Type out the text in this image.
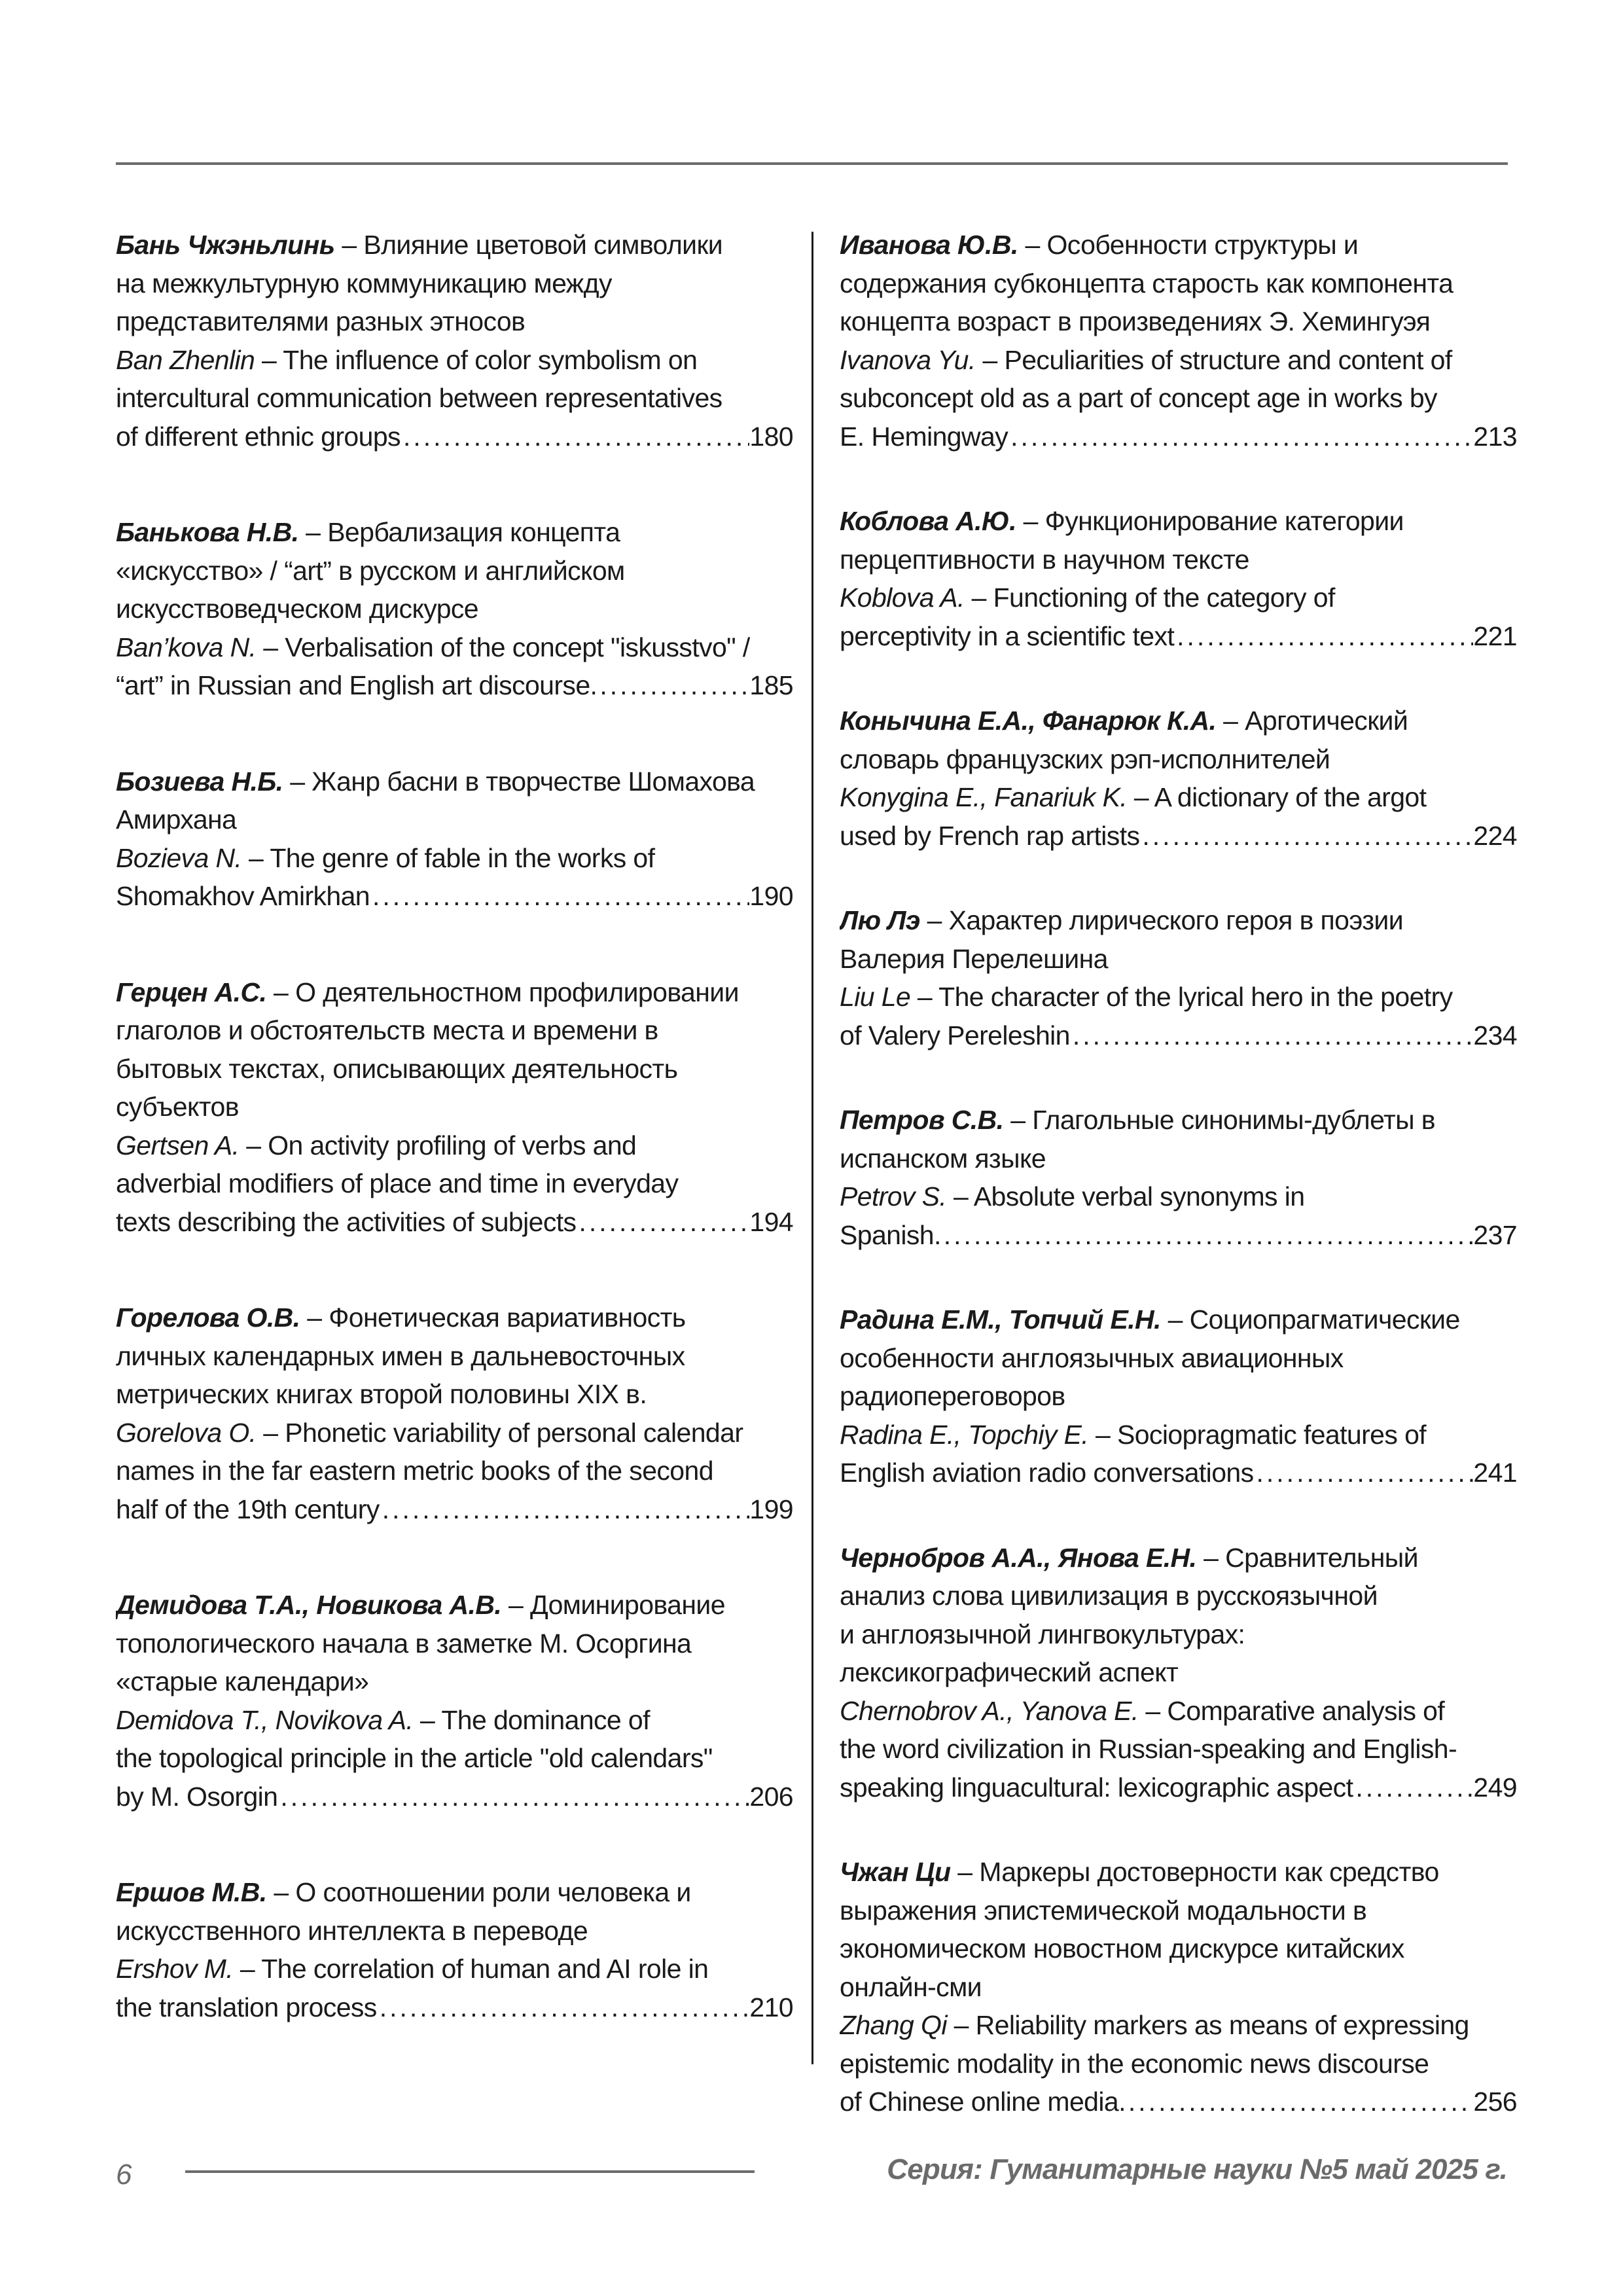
Бань Чжэньлинь – Влияние цветовой символики
на межкультурную коммуникацию между
представителями разных этносов
Ban Zhenlin – The influence of color symbolism on
intercultural communication between representatives
of different ethnic groups .....	180
Банькова Н.В. – Вербализация концепта
«искусство» / “art” в русском и английском
искусствоведческом дискурсе
Ban’kova N. – Verbalisation of the concept "iskusstvo" /
“art” in Russian and English art discourse. .....	185
Бозиева Н.Б. – Жанр басни в творчестве Шомахова
Амирхана
Bozieva N. – The genre of fable in the works of
Shomakhov Amirkhan .....	190
Герцен А.С. – О деятельностном профилировании
глаголов и обстоятельств места и времени в
бытовых текстах, описывающих деятельность
субъектов
Gertsen A. – On activity profiling of verbs and
adverbial modifiers of place and time in everyday
texts describing the activities of subjects .....	194
Горелова О.В. – Фонетическая вариативность
личных календарных имен в дальневосточных
метрических книгах второй половины XIX в.
Gorelova O. – Phonetic variability of personal calendar
names in the far eastern metric books of the second
half of the 19th century .....	199
Демидова Т.А., Новикова А.В. – Доминирование
топологического начала в заметке М. Осоргина
«старые календари»
Demidova T., Novikova A. – The dominance of
the topological principle in the article "old calendars"
by M. Osorgin .....	206
Ершов М.В. – О соотношении роли человека и
искусственного интеллекта в переводе
Ershov M. – The correlation of human and AI role in
the translation process .....	210
Иванова Ю.В. – Особенности структуры и
содержания субконцепта старость как компонента
концепта возраст в произведениях Э. Хемингуэя
Ivanova Yu. – Peculiarities of structure and content of
subconcept old as a part of concept age in works by
E. Hemingway .....	213
Коблова А.Ю. – Функционирование категории
перцептивности в научном тексте
Koblova A. – Functioning of the category of
perceptivity in a scientific text .....	221
Конычина Е.А., Фанарюк К.А. – Арготический
словарь французских рэп-исполнителей
Konygina E., Fanariuk K. – A dictionary of the argot
used by French rap artists .....	224
Лю Лэ – Характер лирического героя в поэзии
Валерия Перелешина
Liu Le – The character of the lyrical hero in the poetry
of Valery Pereleshin .....	234
Петров С.В. – Глагольные синонимы-дублеты в
испанском языке
Petrov S. – Absolute verbal synonyms in
Spanish. .....	237
Радина Е.М., Топчий Е.Н. – Социопрагматические
особенности англоязычных авиационных
радиопереговоров
Radina E., Topchiy E. – Sociopragmatic features of
English aviation radio conversations .....	241
Чернобров А.А., Янова Е.Н. – Сравнительный
анализ слова цивилизация в русскоязычной
и англоязычной лингвокультурах:
лексикографический аспект
Chernobrov A., Yanova E. – Comparative analysis of
the word civilization in Russian-speaking and English-
speaking linguacultural: lexicographic aspect .....	249
Чжан Ци – Маркеры достоверности как средство
выражения эпистемической модальности в
экономическом новостном дискурсе китайских
онлайн-сми
Zhang Qi – Reliability markers as means of expressing
epistemic modality in the economic news discourse
of Chinese online media. .....	256
6	Серия: Гуманитарные науки №5 май 2025 г.
